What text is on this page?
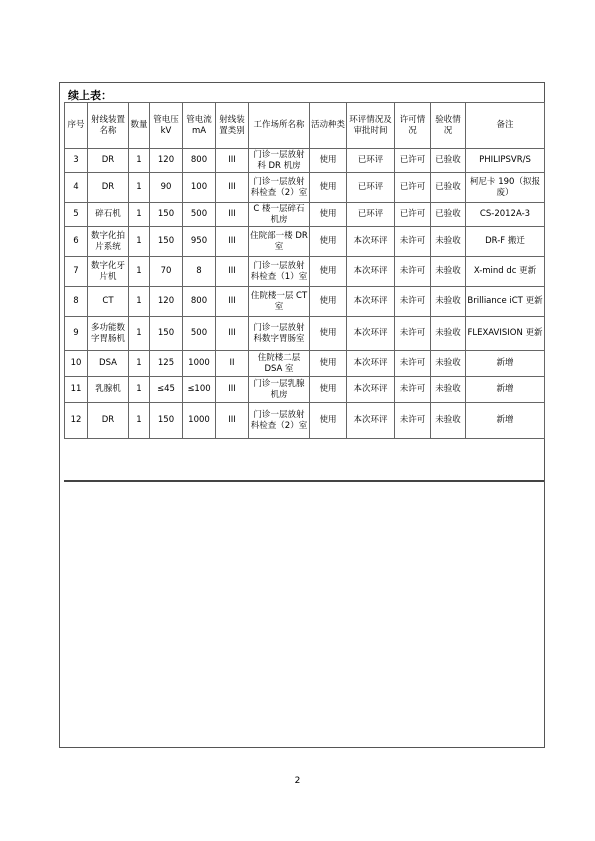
续上表：
序号	射线装置名称	数量	管电压kV	管电流mA	射线装置类别	工作场所名称	活动种类	环评情况及审批时间	许可情况	验收情况	备注
3	DR	1	120	800	III	门诊一层放射科 DR 机房	使用	已环评	已许可	已验收	PHILIPSVR/S
4	DR	1	90	100	III	门诊一层放射科检查（2）室	使用	已环评	已许可	已验收	柯尼卡 190（拟报废）
5	碎石机	1	150	500	III	C 楼一层碎石机房	使用	已环评	已许可	已验收	CS-2012A-3
6	数字化拍片系统	1	150	950	III	住院部一楼 DR 室	使用	本次环评	未许可	未验收	DR-F 搬迁
7	数字化牙片机	1	70	8	III	门诊一层放射科检查（1）室	使用	本次环评	未许可	未验收	X-mind dc 更新
8	CT	1	120	800	III	住院楼一层 CT 室	使用	本次环评	未许可	未验收	Brilliance iCT 更新
9	多功能数字胃肠机	1	150	500	III	门诊一层放射科数字胃肠室	使用	本次环评	未许可	未验收	FLEXAVISION 更新
10	DSA	1	125	1000	II	住院楼二层 DSA 室	使用	本次环评	未许可	未验收	新增
11	乳腺机	1	≤45	≤100	III	门诊一层乳腺机房	使用	本次环评	未许可	未验收	新增
12	DR	1	150	1000	III	门诊一层放射科检查（2）室	使用	本次环评	未许可	未验收	新增
2
